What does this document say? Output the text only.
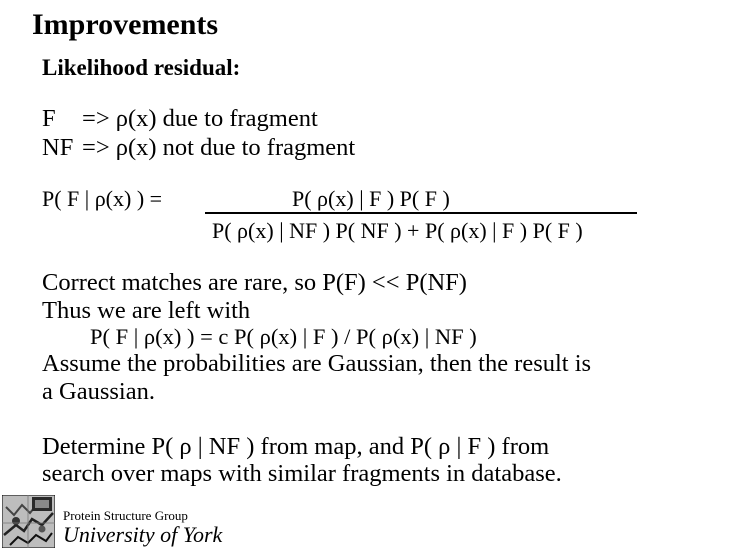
Improvements
Likelihood residual:
F => ρ(x) due to fragment
NF => ρ(x) not due to fragment
P( F | ρ(x) ) =	P( ρ(x) | F ) P( F )
P( ρ(x) | NF ) P( NF ) + P( ρ(x) | F ) P( F )
Correct matches are rare, so P(F) << P(NF)
Thus we are left with
P( F | ρ(x) ) = c P( ρ(x) | F ) / P( ρ(x) | NF )
Assume the probabilities are Gaussian, then the result is
a Gaussian.
Determine P( ρ | NF ) from map, and P( ρ | F ) from
search over maps with similar fragments in database.
Protein Structure Group
University of York
